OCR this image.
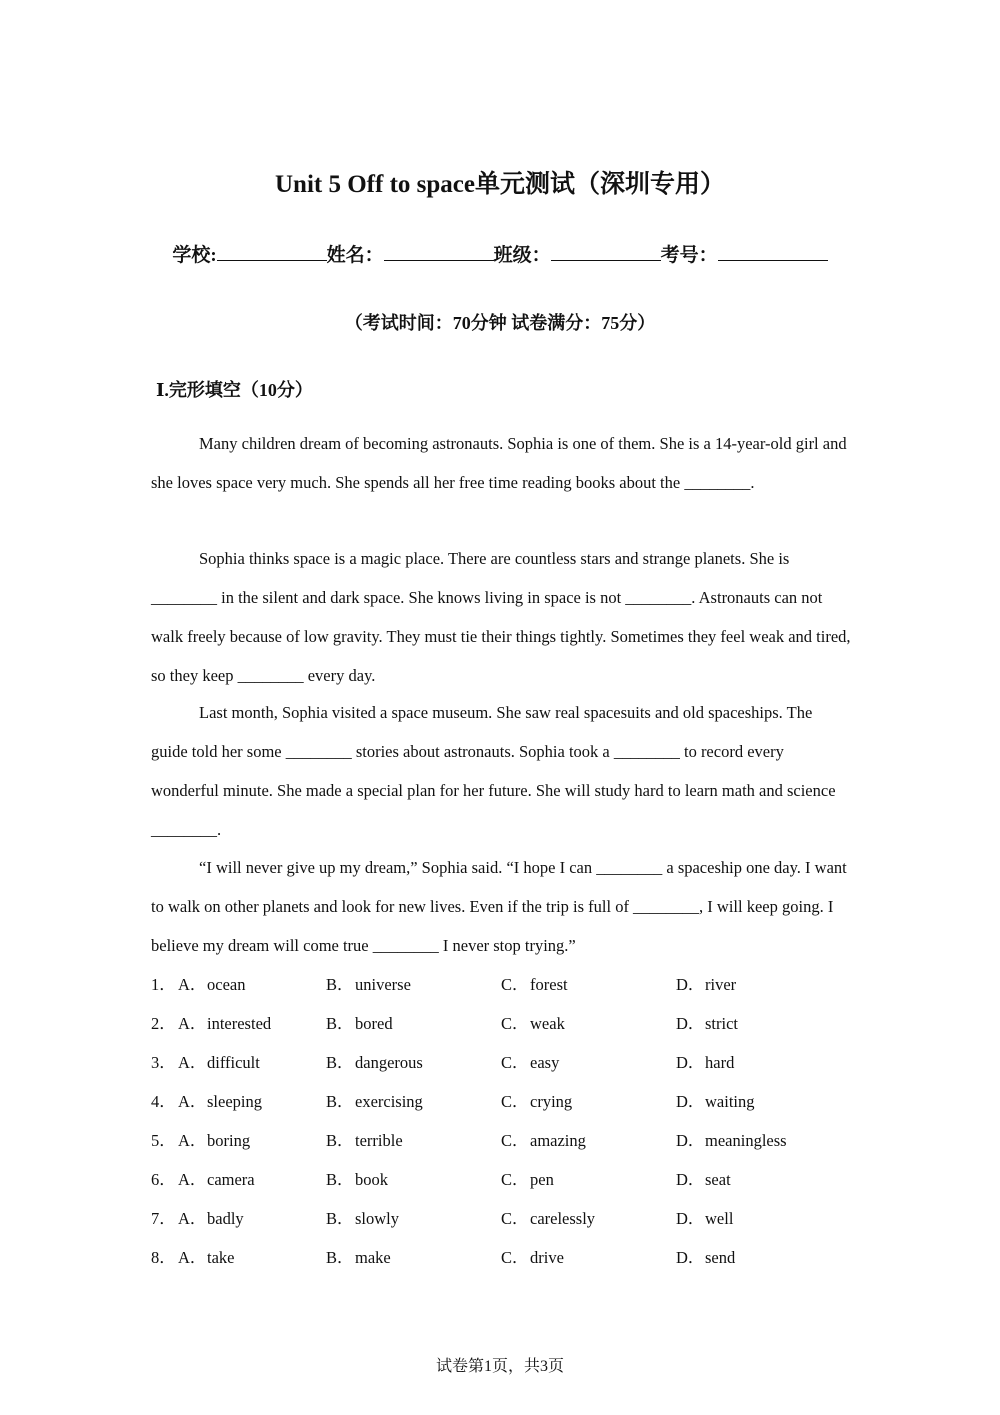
Unit 5 Off to space单元测试（深圳专用）
学校:	姓名：	班级：	考号：
（考试时间：70分钟 试卷满分：75分）
Ⅰ.完形填空（10分）

Many children dream of becoming astronauts. Sophia is one of them. She is a 14-year-old girl and she loves space very much. She spends all her free time reading books about the ________.

Sophia thinks space is a magic place. There are countless stars and strange planets. She is ________ in the silent and dark space. She knows living in space is not ________. Astronauts can not walk freely because of low gravity. They must tie their things tightly. Sometimes they feel weak and tired, so they keep ________ every day.

Last month, Sophia visited a space museum. She saw real spacesuits and old spaceships. The guide told her some ________ stories about astronauts. Sophia took a ________ to record every wonderful minute. She made a special plan for her future. She will study hard to learn math and science ________.

“I will never give up my dream,” Sophia said. “I hope I can ________ a spaceship one day. I want to walk on other planets and look for new lives. Even if the trip is full of ________, I will keep going. I believe my dream will come true ________ I never stop trying.”

1． A．ocean	B．universe	C．forest	D．river
2． A．interested	B．bored	C．weak	D．strict
3． A．difficult	B．dangerous	C．easy	D．hard
4． A．sleeping	B．exercising	C．crying	D．waiting
5． A．boring	B．terrible	C．amazing	D．meaningless
6． A．camera	B．book	C．pen	D．seat
7． A．badly	B．slowly	C．carelessly	D．well
8． A．take	B．make	C．drive	D．send
试卷第1页，共3页
